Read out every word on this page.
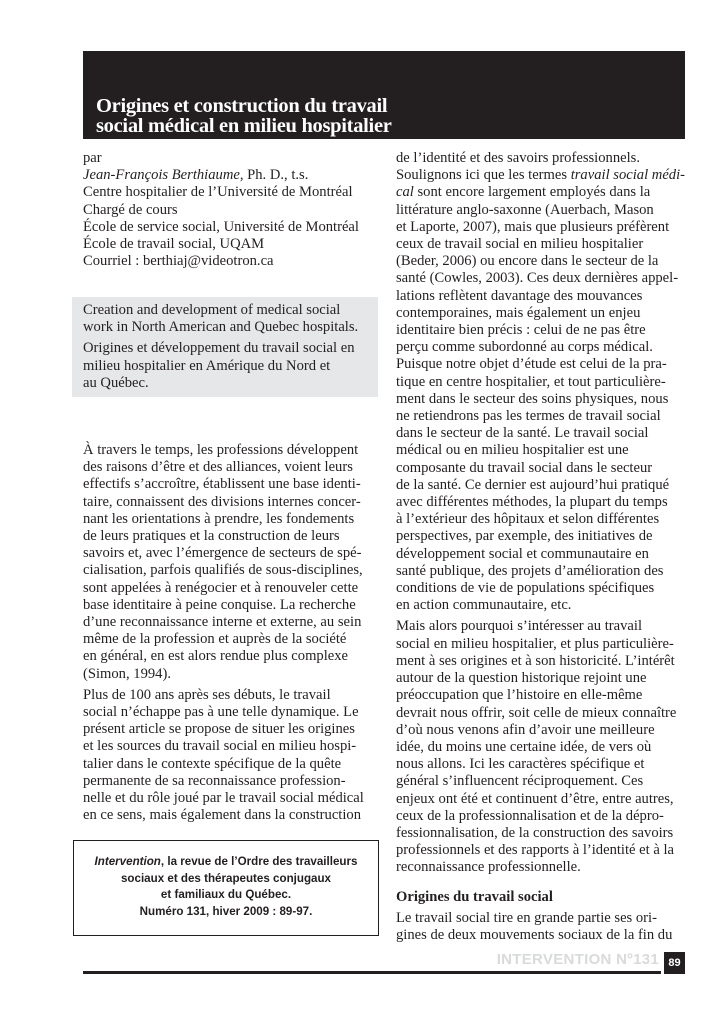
Origines et construction du travail
social médical en milieu hospitalier
par
Jean-François Berthiaume, Ph. D., t.s.
Centre hospitalier de l’Université de Montréal
Chargé de cours
École de service social, Université de Montréal
École de travail social, UQAM
Courriel : berthiaj@videotron.ca

Creation and development of medical social
work in North American and Quebec hospitals.

Origines et développement du travail social en
milieu hospitalier en Amérique du Nord et
au Québec.

À travers le temps, les professions développent
des raisons d’être et des alliances, voient leurs
effectifs s’accroître, établissent une base identi-
taire, connaissent des divisions internes concer-
nant les orientations à prendre, les fondements
de leurs pratiques et la construction de leurs
savoirs et, avec l’émergence de secteurs de spé-
cialisation, parfois qualifiés de sous-disciplines,
sont appelées à renégocier et à renouveler cette
base identitaire à peine conquise. La recherche
d’une reconnaissance interne et externe, au sein
même de la profession et auprès de la société
en général, en est alors rendue plus complexe
(Simon, 1994).
Plus de 100 ans après ses débuts, le travail
social n’échappe pas à une telle dynamique. Le
présent article se propose de situer les origines
et les sources du travail social en milieu hospi-
talier dans le contexte spécifique de la quête
permanente de sa reconnaissance profession-
nelle et du rôle joué par le travail social médical
en ce sens, mais également dans la construction
Intervention, la revue de l’Ordre des travailleurs
sociaux et des thérapeutes conjugaux
et familiaux du Québec.
Numéro 131, hiver 2009 : 89-97.
de l’identité et des savoirs professionnels.
Soulignons ici que les termes travail social médi-
cal sont encore largement employés dans la
littérature anglo-saxonne (Auerbach, Mason
et Laporte, 2007), mais que plusieurs préfèrent
ceux de travail social en milieu hospitalier
(Beder, 2006) ou encore dans le secteur de la
santé (Cowles, 2003). Ces deux dernières appel-
lations reflètent davantage des mouvances
contemporaines, mais également un enjeu
identitaire bien précis : celui de ne pas être
perçu comme subordonné au corps médical.
Puisque notre objet d’étude est celui de la pra-
tique en centre hospitalier, et tout particulière-
ment dans le secteur des soins physiques, nous
ne retiendrons pas les termes de travail social
dans le secteur de la santé. Le travail social
médical ou en milieu hospitalier est une
composante du travail social dans le secteur
de la santé. Ce dernier est aujourd’hui pratiqué
avec différentes méthodes, la plupart du temps
à l’extérieur des hôpitaux et selon différentes
perspectives, par exemple, des initiatives de
développement social et communautaire en
santé publique, des projets d’amélioration des
conditions de vie de populations spécifiques
en action communautaire, etc.
Mais alors pourquoi s’intéresser au travail
social en milieu hospitalier, et plus particulière-
ment à ses origines et à son historicité. L’intérêt
autour de la question historique rejoint une
préoccupation que l’histoire en elle-même
devrait nous offrir, soit celle de mieux connaître
d’où nous venons afin d’avoir une meilleure
idée, du moins une certaine idée, de vers où
nous allons. Ici les caractères spécifique et
général s’influencent réciproquement. Ces
enjeux ont été et continuent d’être, entre autres,
ceux de la professionnalisation et de la dépro-
fessionnalisation, de la construction des savoirs
professionnels et des rapports à l’identité et à la
reconnaissance professionnelle.
Origines du travail social
Le travail social tire en grande partie ses ori-
gines de deux mouvements sociaux de la fin du
INTERVENTION Nº131 89
